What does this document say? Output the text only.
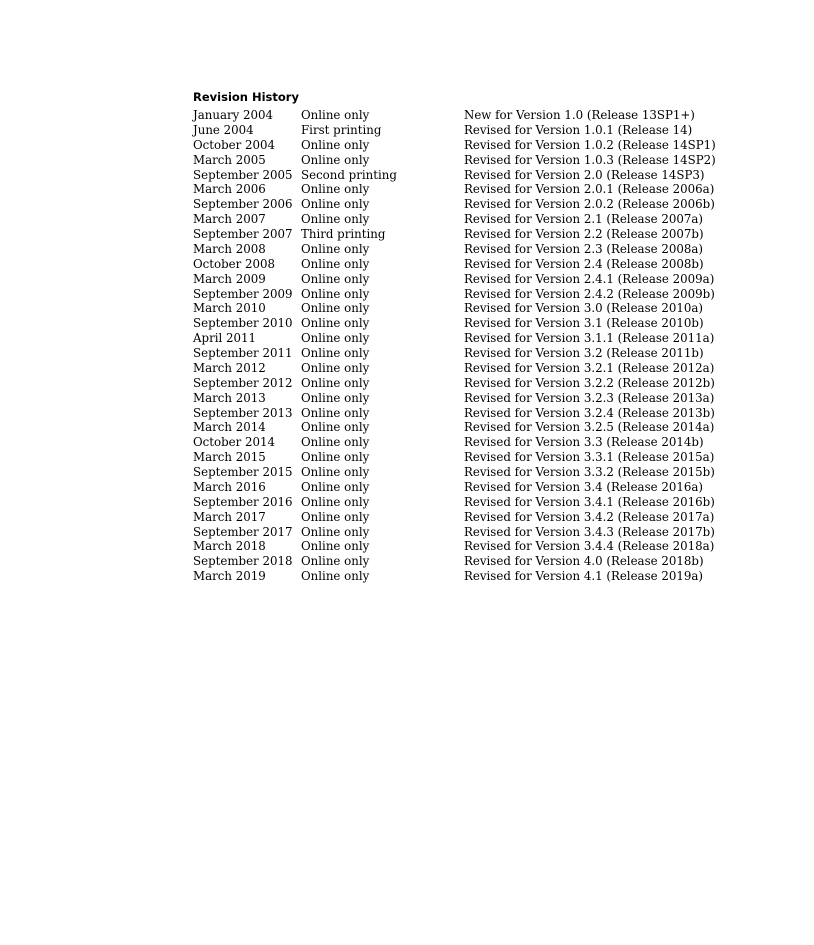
Revision History
January 2004	Online only	New for Version 1.0 (Release 13SP1+)
June 2004	First printing	Revised for Version 1.0.1 (Release 14)
October 2004	Online only	Revised for Version 1.0.2 (Release 14SP1)
March 2005	Online only	Revised for Version 1.0.3 (Release 14SP2)
September 2005	Second printing	Revised for Version 2.0 (Release 14SP3)
March 2006	Online only	Revised for Version 2.0.1 (Release 2006a)
September 2006	Online only	Revised for Version 2.0.2 (Release 2006b)
March 2007	Online only	Revised for Version 2.1 (Release 2007a)
September 2007	Third printing	Revised for Version 2.2 (Release 2007b)
March 2008	Online only	Revised for Version 2.3 (Release 2008a)
October 2008	Online only	Revised for Version 2.4 (Release 2008b)
March 2009	Online only	Revised for Version 2.4.1 (Release 2009a)
September 2009	Online only	Revised for Version 2.4.2 (Release 2009b)
March 2010	Online only	Revised for Version 3.0 (Release 2010a)
September 2010	Online only	Revised for Version 3.1 (Release 2010b)
April 2011	Online only	Revised for Version 3.1.1 (Release 2011a)
September 2011	Online only	Revised for Version 3.2 (Release 2011b)
March 2012	Online only	Revised for Version 3.2.1 (Release 2012a)
September 2012	Online only	Revised for Version 3.2.2 (Release 2012b)
March 2013	Online only	Revised for Version 3.2.3 (Release 2013a)
September 2013	Online only	Revised for Version 3.2.4 (Release 2013b)
March 2014	Online only	Revised for Version 3.2.5 (Release 2014a)
October 2014	Online only	Revised for Version 3.3 (Release 2014b)
March 2015	Online only	Revised for Version 3.3.1 (Release 2015a)
September 2015	Online only	Revised for Version 3.3.2 (Release 2015b)
March 2016	Online only	Revised for Version 3.4 (Release 2016a)
September 2016	Online only	Revised for Version 3.4.1 (Release 2016b)
March 2017	Online only	Revised for Version 3.4.2 (Release 2017a)
September 2017	Online only	Revised for Version 3.4.3 (Release 2017b)
March 2018	Online only	Revised for Version 3.4.4 (Release 2018a)
September 2018	Online only	Revised for Version 4.0 (Release 2018b)
March 2019	Online only	Revised for Version 4.1 (Release 2019a)
